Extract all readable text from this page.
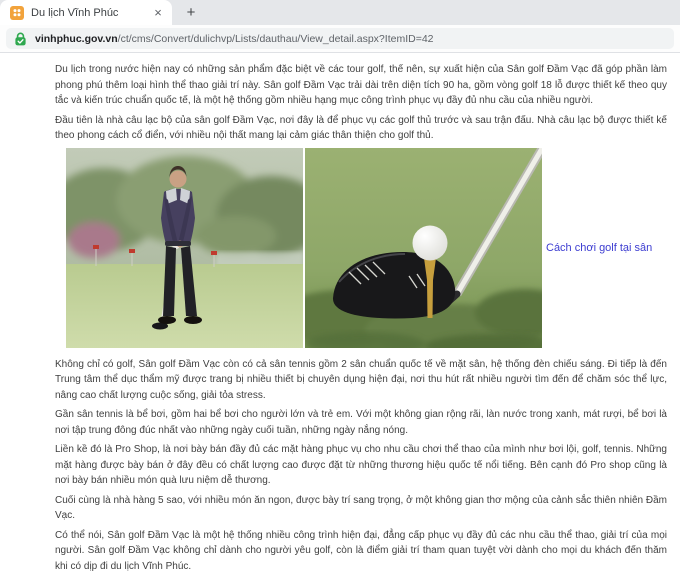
Du lịch Vĩnh Phúc	×	+
vinhphuc.gov.vn/ct/cms/Convert/dulichvp/Lists/dauthau/View_detail.aspx?ItemID=42

Du lịch trong nước hiện nay có những sản phẩm đặc biệt về các tour golf, thế nên, sự xuất hiện của Sân golf Đầm Vạc đã góp phần làm phong phú thêm loại hình thể thao giải trí này. Sân golf Đầm Vạc trải dài trên diện tích 90 ha, gồm vòng golf 18 lỗ được thiết kế theo quy tắc và kiến trúc chuẩn quốc tế, là một hệ thống gồm nhiều hạng mục công trình phục vụ đầy đủ nhu cầu của nhiều người.

Đầu tiên là nhà câu lạc bộ của sân golf Đầm Vạc, nơi đây là để phục vụ các golf thủ trước và sau trận đấu. Nhà câu lạc bộ được thiết kế theo phong cách cổ điển, với nhiều nội thất mang lại cảm giác thân thiện cho golf thủ.

Cách chơi golf tại sân

Không chỉ có golf, Sân golf Đầm Vạc còn có cả sân tennis gồm 2 sân chuẩn quốc tế về mặt sân, hệ thống đèn chiếu sáng. Đi tiếp là đến Trung tâm thể dục thẩm mỹ được trang bị nhiều thiết bị chuyên dụng hiện đại, nơi thu hút rất nhiều người tìm đến để chăm sóc thể lực, nâng cao chất lượng cuộc sống, giải tỏa stress.

Gần sân tennis là bể bơi, gồm hai bể bơi cho người lớn và trẻ em. Với một không gian rộng rãi, làn nước trong xanh, mát rượi, bể bơi là nơi tập trung đông đúc nhất vào những ngày cuối tuần, những ngày nắng nóng.

Liền kề đó là Pro Shop, là nơi bày bán đầy đủ các mặt hàng phục vụ cho nhu cầu chơi thể thao của mình như bơi lội, golf, tennis. Những mặt hàng được bày bán ở đây đều có chất lượng cao được đặt từ những thương hiệu quốc tế nổi tiếng. Bên cạnh đó Pro shop cũng là nơi bày bán nhiều món quà lưu niệm dễ thương.

Cuối cùng là nhà hàng 5 sao, với nhiều món ăn ngon, được bày trí sang trọng, ở một không gian thơ mộng của cảnh sắc thiên nhiên Đầm Vạc.

Có thể nói, Sân golf Đầm Vạc là một hệ thống nhiều công trình hiện đại, đẳng cấp phục vụ đầy đủ các nhu cầu thể thao, giải trí của mọi người. Sân golf Đầm Vạc không chỉ dành cho người yêu golf, còn là điểm giải trí tham quan tuyệt vời dành cho mọi du khách đến thăm khi có dịp đi du lịch Vĩnh Phúc.
